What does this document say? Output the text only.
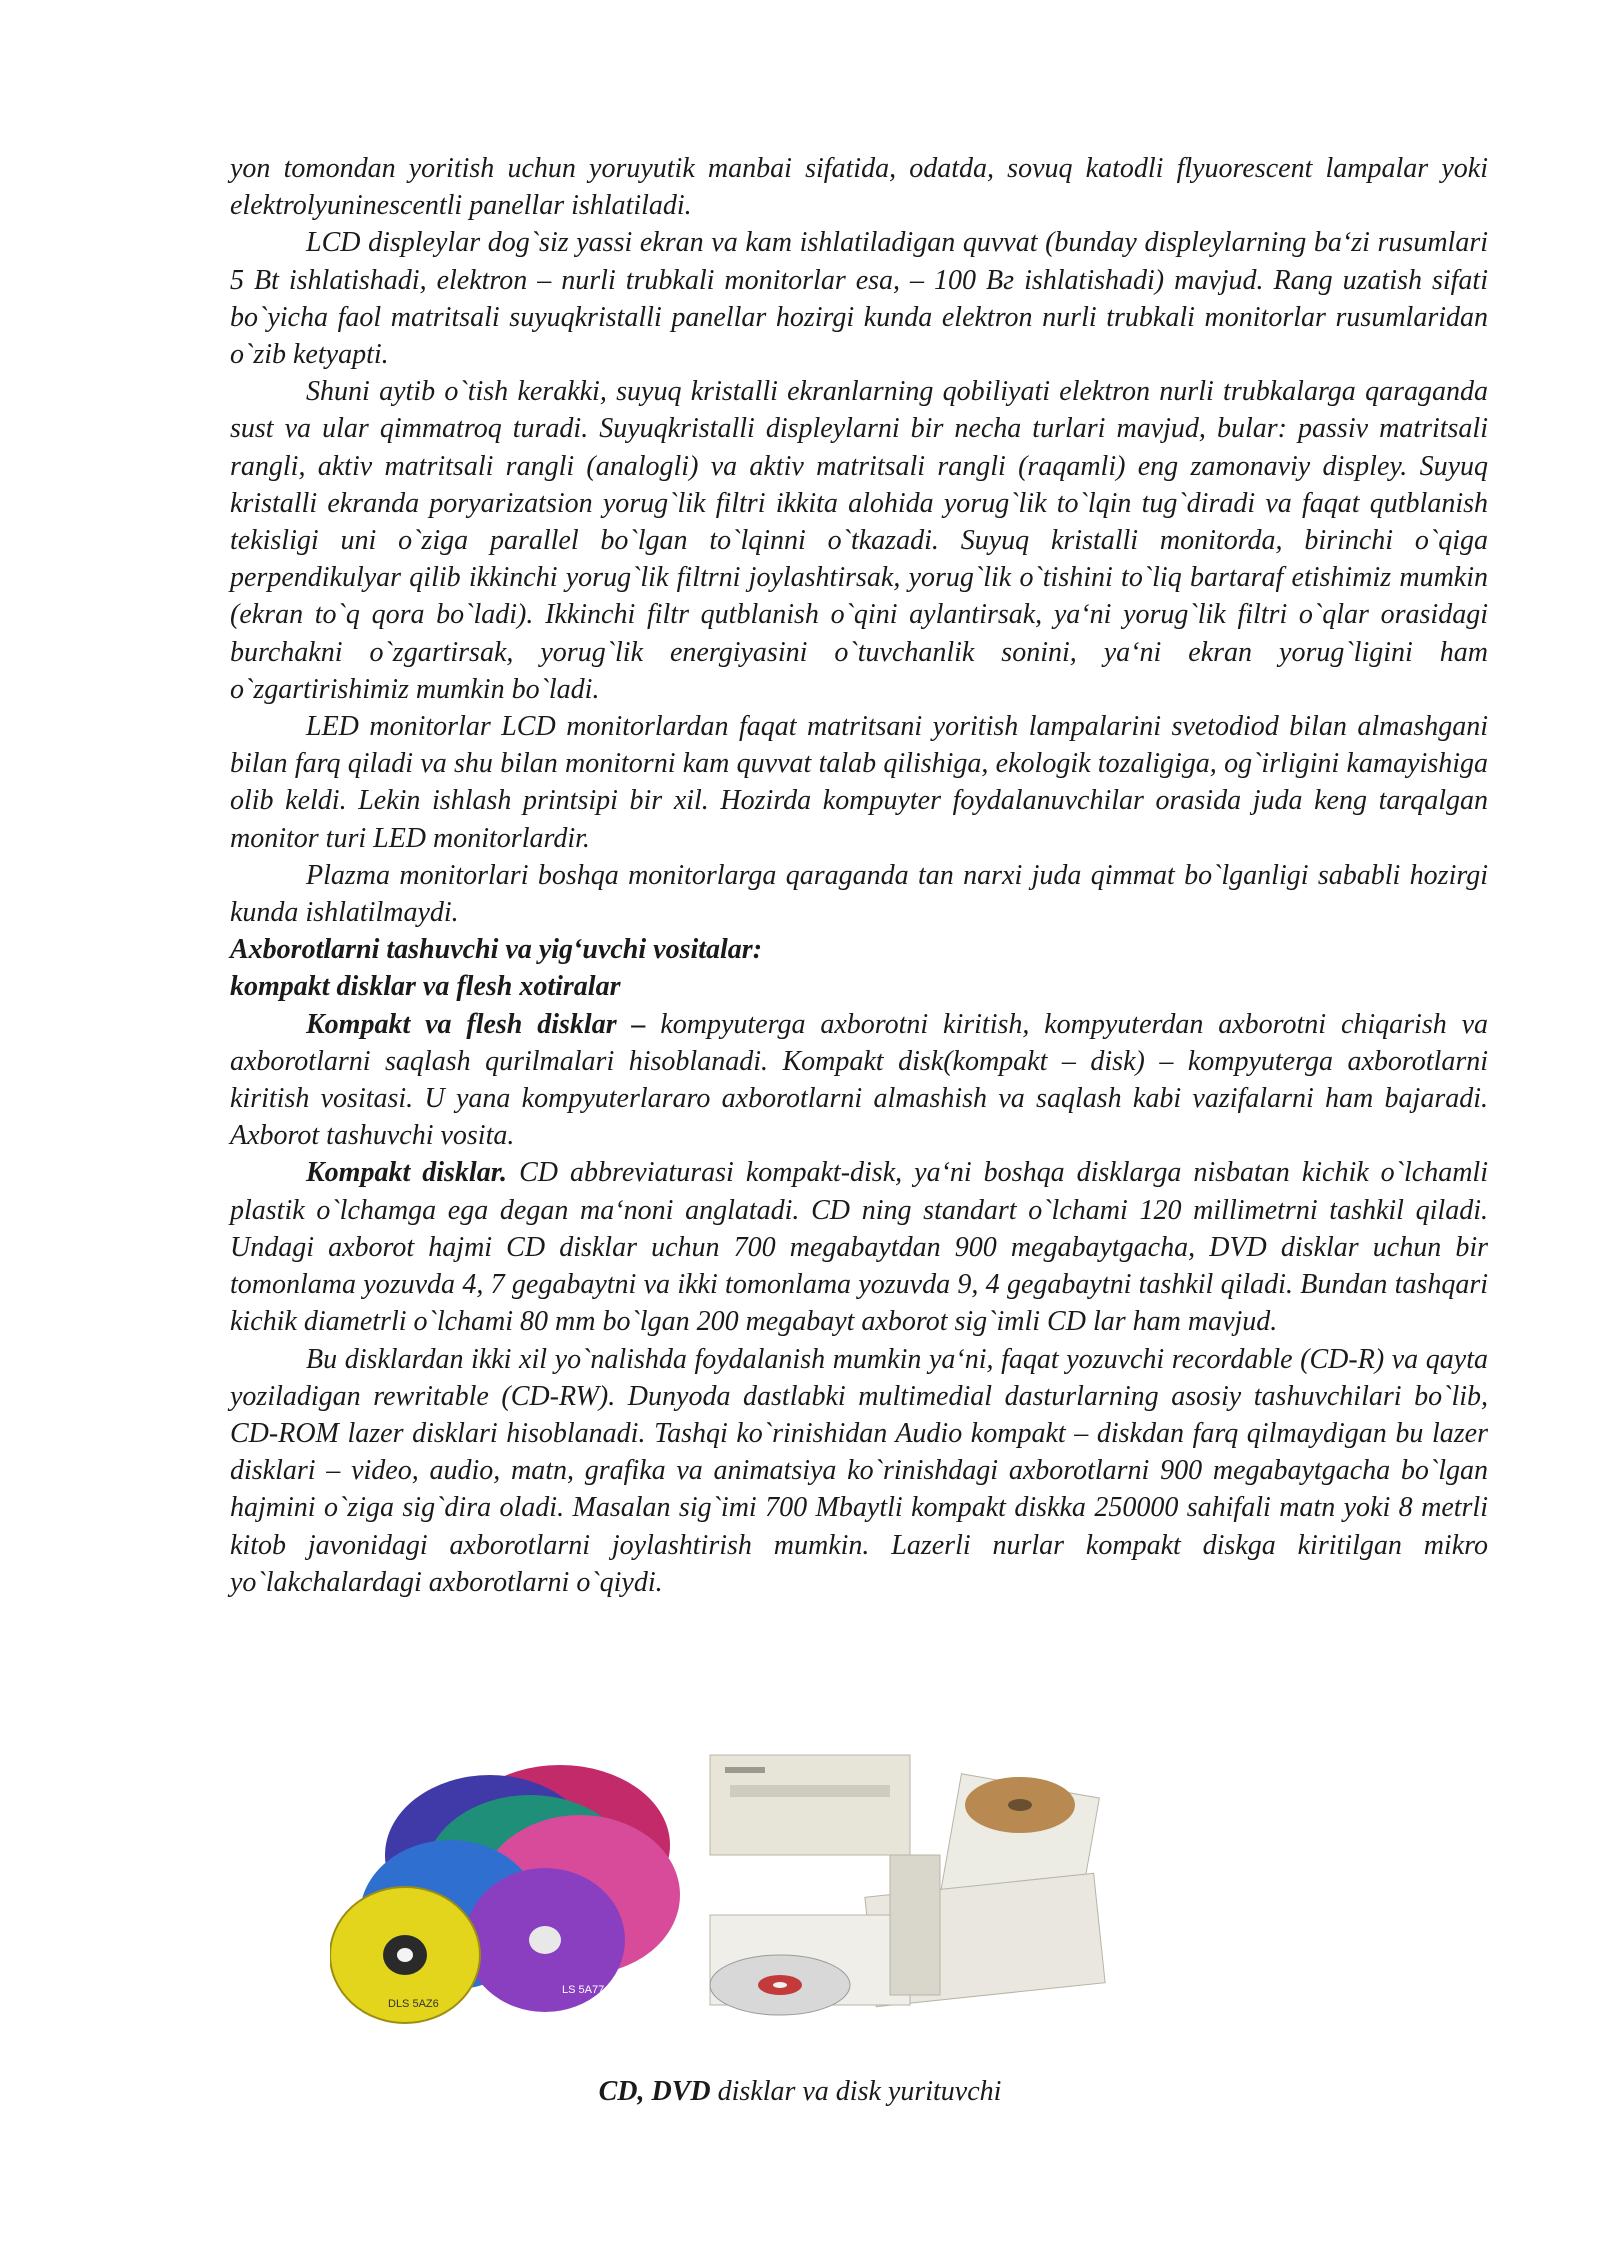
yon tomondan yoritish uchun yoruyutik manbai sifatida, odatda, sovuq katodli flyuorescent lampalar yoki elektrolyuninescentli panellar ishlatiladi.

LCD displeylar dog`siz yassi ekran va kam ishlatiladigan quvvat (bunday displeylarning ba‘zi rusumlari 5 Bt ishlatishadi, elektron – nurli trubkali monitorlar esa, – 100 Bг ishlatishadi) mavjud. Rang uzatish sifati bo`yicha faol matritsali suyuqkristalli panellar hozirgi kunda elektron nurli trubkali monitorlar rusumlaridan o`zib ketyapti.

Shuni aytib o`tish kerakki, suyuq kristalli ekranlarning qobiliyati elektron nurli trubkalarga qaraganda sust va ular qimmatroq turadi. Suyuqkristalli displeylarni bir necha turlari mavjud, bular: passiv matritsali rangli, aktiv matritsali rangli (analogli) va aktiv matritsali rangli (raqamli) eng zamonaviy displey. Suyuq kristalli ekranda poryarizatsion yorug`lik filtri ikkita alohida yorug`lik to`lqin tug`diradi va faqat qutblanish tekisligi uni o`ziga parallel bo`lgan to`lqinni o`tkazadi. Suyuq kristalli monitorda, birinchi o`qiga perpendikulyar qilib ikkinchi yorug`lik filtrni joylashtirsak, yorug`lik o`tishini to`liq bartaraf etishimiz mumkin (ekran to`q qora bo`ladi). Ikkinchi filtr qutblanish o`qini aylantirsak, ya‘ni yorug`lik filtri o`qlar orasidagi burchakni o`zgartirsak, yorug`lik energiyasini o`tuvchanlik sonini, ya‘ni ekran yorug`ligini ham o`zgartirishimiz mumkin bo`ladi.

LED monitorlar LCD monitorlardan faqat matritsani yoritish lampalarini svetodiod bilan almashgani bilan farq qiladi va shu bilan monitorni kam quvvat talab qilishiga, ekologik tozaligiga, og`irligini kamayishiga olib keldi. Lekin ishlash printsipi bir xil. Hozirda kompuyter foydalanuvchilar orasida juda keng tarqalgan monitor turi LED monitorlardir.

Plazma monitorlari boshqa monitorlarga qaraganda tan narxi juda qimmat bo`lganligi sababli hozirgi kunda ishlatilmaydi.

Axborotlarni tashuvchi va yig‘uvchi vositalar:

kompakt disklar va flesh xotiralar

Kompakt va flesh disklar – kompyuterga axborotni kiritish, kompyuterdan axborotni chiqarish va axborotlarni saqlash qurilmalari hisoblanadi. Kompakt disk(kompakt – disk) – kompyuterga axborotlarni kiritish vositasi. U yana kompyuterlararo axborotlarni almashish va saqlash kabi vazifalarni ham bajaradi. Axborot tashuvchi vosita.

Kompakt disklar. CD abbreviaturasi kompakt-disk, ya‘ni boshqa disklarga nisbatan kichik o`lchamli plastik o`lchamga ega degan ma‘noni anglatadi. CD ning standart o`lchami 120 millimetrni tashkil qiladi. Undagi axborot hajmi CD disklar uchun 700 megabaytdan 900 megabaytgacha, DVD disklar uchun bir tomonlama yozuvda 4, 7 gegabaytni va ikki tomonlama yozuvda 9, 4 gegabaytni tashkil qiladi. Bundan tashqari kichik diametrli o`lchami 80 mm bo`lgan 200 megabayt axborot sig`imli CD lar ham mavjud.

Bu disklardan ikki xil yo`nalishda foydalanish mumkin ya‘ni, faqat yozuvchi recordable (CD-R) va qayta yoziladigan rewritable (CD-RW). Dunyoda dastlabki multimedial dasturlarning asosiy tashuvchilari bo`lib, CD-ROM lazer disklari hisoblanadi. Tashqi ko`rinishidan Audio kompakt – diskdan farq qilmaydigan bu lazer disklari – video, audio, matn, grafika va animatsiya ko`rinishdagi axborotlarni 900 megabaytgacha bo`lgan hajmini o`ziga sig`dira oladi. Masalan sig`imi 700 Mbaytli kompakt diskka 250000 sahifali matn yoki 8 metrli kitob javonidagi axborotlarni joylashtirish mumkin. Lazerli nurlar kompakt diskga kiritilgan mikro yo`lakchalardagi axborotlarni o`qiydi.

LS 5A77
DLS 5AZ6
CD, DVD disklar va disk yurituvchi
